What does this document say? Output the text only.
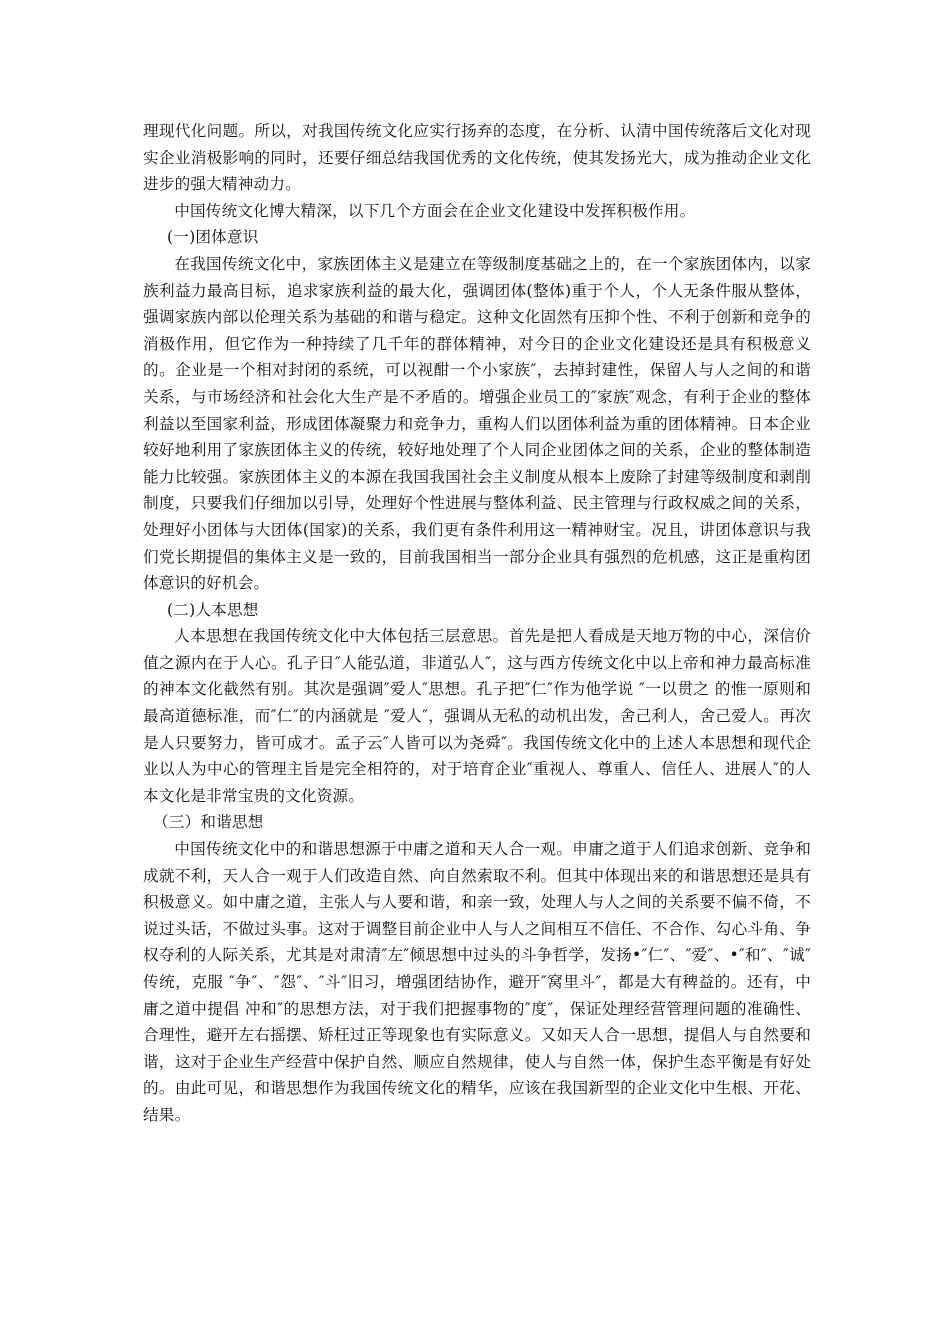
理现代化问题。所以，对我国传统文化应实行扬弃的态度，在分析、认清中国传统落后文化对现实企业消极影响的同时，还要仔细总结我国优秀的文化传统，使其发扬光大，成为推动企业文化进步的强大精神动力。

中国传统文化博大精深，以下几个方面会在企业文化建设中发挥积极作用。

(一)团体意识

在我国传统文化中，家族团体主义是建立在等级制度基础之上的，在一个家族团体内，以家族利益力最高目标，追求家族利益的最大化，强调团体(整体)重于个人，个人无条件服从整体，强调家族内部以伦理关系为基础的和谐与稳定。这种文化固然有压抑个性、不利于创新和竞争的消极作用，但它作为一种持续了几千年的群体精神，对今日的企业文化建设还是具有积极意义的。企业是一个相对封闭的系统，可以视酣一个小家族″，去掉封建性，保留人与人之间的和谐关系，与市场经济和社会化大生产是不矛盾的。增强企业员工的″家族″观念，有利于企业的整体利益以至国家利益，形成团体凝聚力和竞争力，重构人们以团体利益为重的团体精神。日本企业较好地利用了家族团体主义的传统，较好地处理了个人同企业团体之间的关系，企业的整体制造能力比较强。家族团体主义的本源在我国我国社会主义制度从根本上废除了封建等级制度和剥削制度，只要我们仔细加以引导，处理好个性进展与整体利益、民主管理与行政权威之间的关系，处理好小团体与大团体(国家)的关系，我们更有条件利用这一精神财宝。况且，讲团体意识与我们党长期提倡的集体主义是一致的，目前我国相当一部分企业具有强烈的危机感，这正是重构团体意识的好机会。

(二)人本思想

人本思想在我国传统文化中大体包括三层意思。首先是把人看成是天地万物的中心，深信价值之源内在于人心。孔子日″人能弘道，非道弘人″，这与西方传统文化中以上帝和神力最高标准的神本文化截然有别。其次是强调″爱人″思想。孔子把″仁″作为他学说 ″一以贯之 的惟一原则和最高道德标准，而″仁″的内涵就是 ″爱人″，强调从无私的动机出发，舍己利人，舍己爱人。再次是人只要努力，皆可成才。孟子云″人皆可以为尧舜″。我国传统文化中的上述人本思想和现代企业以人为中心的管理主旨是完全相符的，对于培育企业″重视人、尊重人、信任人、进展人″的人本文化是非常宝贵的文化资源。

（三）和谐思想

中国传统文化中的和谐思想源于中庸之道和天人合一观。申庸之道于人们追求创新、竞争和成就不利，天人合一观于人们改造自然、向自然索取不利。但其中体现出来的和谐思想还是具有积极意义。如中庸之道，主张人与人要和谐，和亲一致，处理人与人之间的关系要不偏不倚，不说过头话，不做过头事。这对于调整目前企业中人与人之间相互不信任、不合作、勾心斗角、争权夺利的人际关系，尤其是对肃清″左″倾思想中过头的斗争哲学，发扬•″仁″、″爱″、•″和″、″诚″传统，克服 ″争″、″怨″、″斗″旧习，增强团结协作，避开″窝里斗″，都是大有稗益的。还有，中庸之道中提倡 冲和″的思想方法，对于我们把握事物的″度″，保证处理经营管理问题的准确性、合理性，避开左右摇摆、矫枉过正等现象也有实际意义。又如天人合一思想，提倡人与自然要和谐，这对于企业生产经营中保护自然、顺应自然规律，使人与自然一体，保护生态平衡是有好处的。由此可见，和谐思想作为我国传统文化的精华，应该在我国新型的企业文化中生根、开花、结果。
